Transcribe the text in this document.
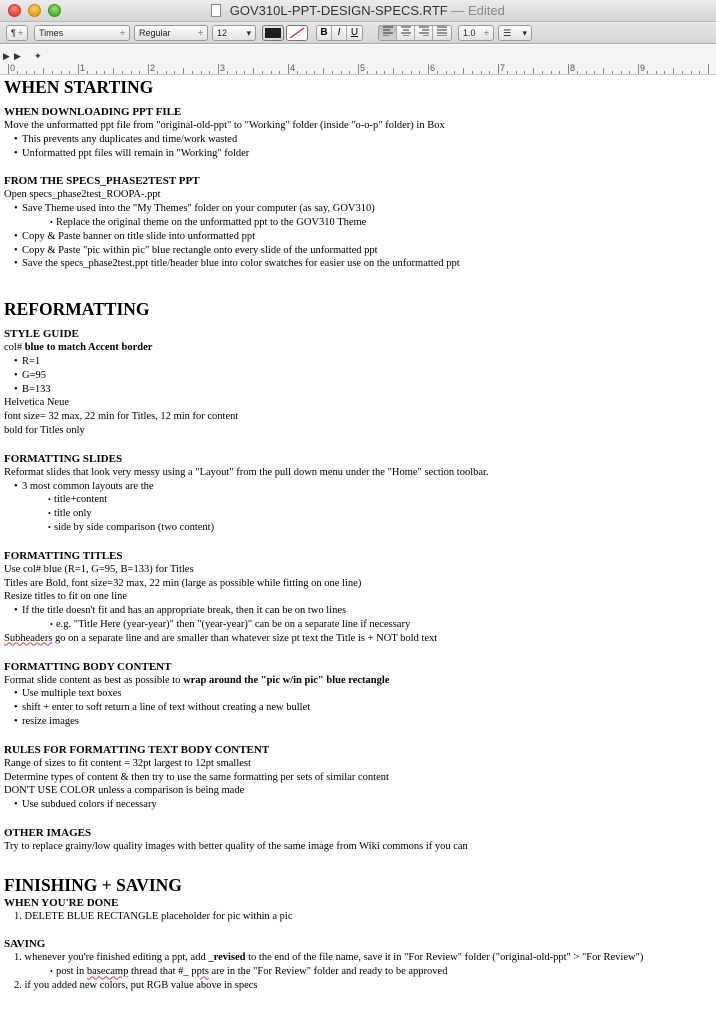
GOV310L-PPT-DESIGN-SPECS.RTF — Edited
¶ ÷	Times	÷	Regular	÷	12 ▾	B	I	U	1.0 ÷	☰ ▾
▶ ▶ ✦
0	1	2	3	4	5	6	7	8	9
WHEN STARTING
WHEN DOWNLOADING PPT FILE

Move the unformatted ppt file from "original-old-ppt" to "Working" folder (inside "o-o-p" folder) in Box

• This prevents any duplicates and time/work wasted

• Unformatted ppt files will remain in "Working" folder

FROM THE SPECS_PHASE2TEST PPT

Open specs_phase2test_ROOPA-.ppt

• Save Theme used into the "My Themes" folder on your computer (as say, GOV310)

• Replace the original theme on the unformatted ppt to the GOV310 Theme

• Copy & Paste banner on title slide into unformatted ppt

• Copy & Paste "pic within pic" blue rectangle onto every slide of the unformatted ppt

• Save the specs_phase2test.ppt title/header blue into color swatches for easier use on the unformatted ppt

REFORMATTING
STYLE GUIDE

col# blue to match Accent border

• R=1

• G=95

• B=133

Helvetica Neue

font size= 32 max, 22 min for Titles, 12 min for content

bold for Titles only

FORMATTING SLIDES

Reformat slides that look very messy using a "Layout" from the pull down menu under the "Home" section toolbar.

• 3 most common layouts are the

• title+content

• title only

• side by side comparison (two content)

FORMATTING TITLES

Use col# blue (R=1, G=95, B=133) for Titles

Titles are Bold, font size=32 max, 22 min (large as possible while fitting on one line)

Resize titles to fit on one line

• If the title doesn't fit and has an appropriate break, then it can be on two lines

• e.g. "Title Here (year-year)" then "(year-year)" can be on a separate line if necessary

Subheaders go on a separate line and are smaller than whatever size pt text the Title is + NOT bold text

FORMATTING BODY CONTENT

Format slide content as best as possible to wrap around the "pic w/in pic" blue rectangle

• Use multiple text boxes

• shift + enter to soft return a line of text without creating a new bullet

• resize images

RULES FOR FORMATTING TEXT BODY CONTENT

Range of sizes to fit content = 32pt largest to 12pt smallest

Determine types of content & then try to use the same formatting per sets of similar content

DON'T USE COLOR unless a comparison is being made

• Use subdued colors if necessary

OTHER IMAGES

Try to replace grainy/low quality images with better quality of the same image from Wiki commons if you can

FINISHING + SAVING
WHEN YOU'RE DONE

1. DELETE BLUE RECTANGLE placeholder for pic within a pic

SAVING

1. whenever you're finished editing a ppt, add _revised to the end of the file name, save it in "For Review" folder ("original-old-ppt" > "For Review")

• post in basecamp thread that #_ ppts are in the "For Review" folder and ready to be approved

2. if you added new colors, put RGB value above in specs
